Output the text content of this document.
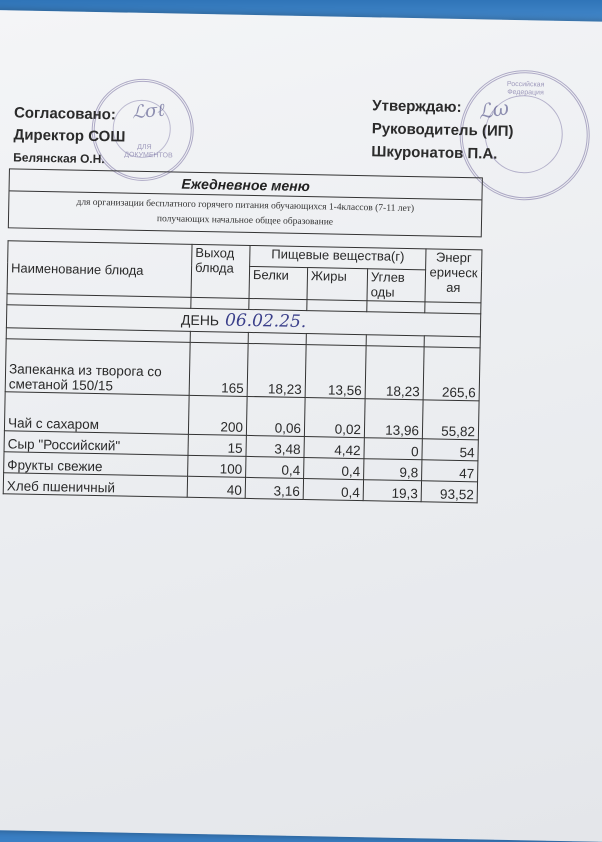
ДЛЯ ДОКУМЕНТОВ
Российская Федерация
ℒσℓ	ℒω
Согласовано:
Директор СОШ
Белянская О.Н.
Утверждаю:
Руководитель (ИП)
Шкуронатов П.А.
Ежедневное меню
для организации бесплатного горячего питания обучающихся 1-4классов (7-11 лет)
получающих начальное общее образование
Наименование блюда	Выход блюда	Пищевые вещества(г)			Энерг ерическ ая
		Белки	Жиры	Углев оды	

ДЕНЬ 06.02.25.					

Запеканка из творога со сметаной 150/15	165	18,23	13,56	18,23	265,6
Чай с сахаром	200	0,06	0,02	13,96	55,82
Сыр "Российский"	15	3,48	4,42	0	54
Фрукты свежие	100	0,4	0,4	9,8	47
Хлеб пшеничный	40	3,16	0,4	19,3	93,52
